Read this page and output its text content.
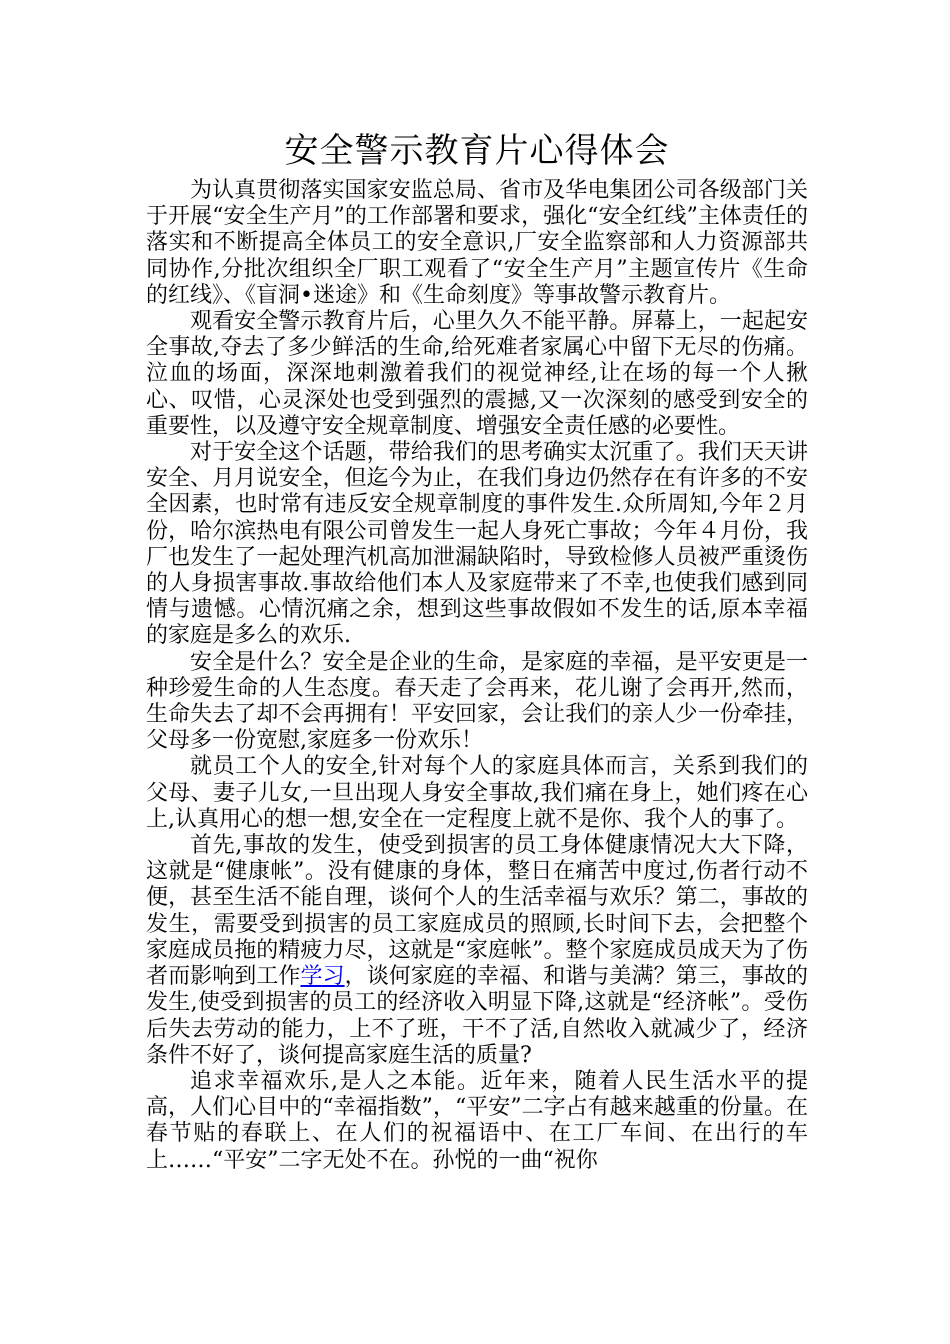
安全警示教育片心得体会

为认真贯彻落实国家安监总局、省市及华电集团公司各级部门关于开展“安全生产月”的工作部署和要求，强化“安全红线”主体责任的落实和不断提高全体员工的安全意识,厂安全监察部和人力资源部共同协作,分批次组织全厂职工观看了“安全生产月”主题宣传片《生命的红线》、《盲洞•迷途》和《生命刻度》等事故警示教育片。

观看安全警示教育片后，心里久久不能平静。屏幕上，一起起安全事故,夺去了多少鲜活的生命,给死难者家属心中留下无尽的伤痛。泣血的场面，深深地刺激着我们的视觉神经,让在场的每一个人揪心、叹惜，心灵深处也受到强烈的震撼,又一次深刻的感受到安全的重要性，以及遵守安全规章制度、增强安全责任感的必要性。

对于安全这个话题，带给我们的思考确实太沉重了。我们天天讲安全、月月说安全，但迄今为止，在我们身边仍然存在有许多的不安全因素，也时常有违反安全规章制度的事件发生.众所周知,今年２月份，哈尔滨热电有限公司曾发生一起人身死亡事故；今年４月份，我厂也发生了一起处理汽机高加泄漏缺陷时，导致检修人员被严重烫伤的人身损害事故.事故给他们本人及家庭带来了不幸,也使我们感到同情与遗憾。心情沉痛之余，想到这些事故假如不发生的话,原本幸福的家庭是多么的欢乐.

安全是什么？安全是企业的生命，是家庭的幸福，是平安更是一种珍爱生命的人生态度。春天走了会再来，花儿谢了会再开,然而，生命失去了却不会再拥有！平安回家，会让我们的亲人少一份牵挂，父母多一份宽慰,家庭多一份欢乐！

就员工个人的安全,针对每个人的家庭具体而言，关系到我们的父母、妻子儿女,一旦出现人身安全事故,我们痛在身上，她们疼在心上,认真用心的想一想,安全在一定程度上就不是你、我个人的事了。

首先,事故的发生，使受到损害的员工身体健康情况大大下降，这就是“健康帐”。没有健康的身体，整日在痛苦中度过,伤者行动不便，甚至生活不能自理，谈何个人的生活幸福与欢乐？第二，事故的发生，需要受到损害的员工家庭成员的照顾,长时间下去，会把整个家庭成员拖的精疲力尽，这就是“家庭帐”。整个家庭成员成天为了伤者而影响到工作学习，谈何家庭的幸福、和谐与美满？第三，事故的发生,使受到损害的员工的经济收入明显下降,这就是“经济帐”。受伤后失去劳动的能力，上不了班，干不了活,自然收入就减少了，经济条件不好了，谈何提高家庭生活的质量?

追求幸福欢乐,是人之本能。近年来，随着人民生活水平的提高，人们心目中的“幸福指数”，“平安”二字占有越来越重的份量。在春节贴的春联上、在人们的祝福语中、在工厂车间、在出行的车上……“平安”二字无处不在。孙悦的一曲“祝你
